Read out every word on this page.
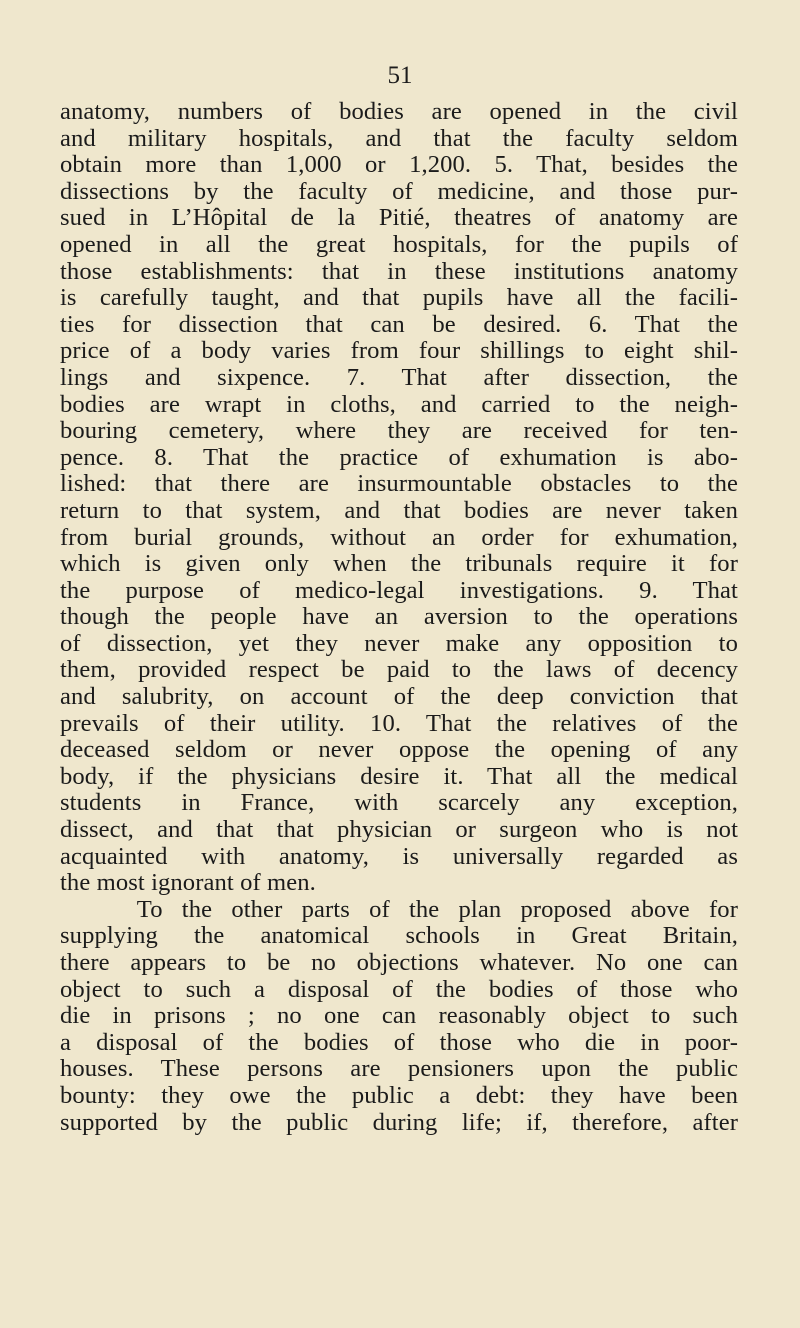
51
anatomy, numbers of bodies are opened in the civil
and military hospitals, and that the faculty seldom
obtain more than 1,000 or 1,200. 5. That, besides the
dissections by the faculty of medicine, and those pur-
sued in L’Hôpital de la Pitié, theatres of anatomy are
opened in all the great hospitals, for the pupils of
those establishments: that in these institutions anatomy
is carefully taught, and that pupils have all the facili-
ties for dissection that can be desired. 6. That the
price of a body varies from four shillings to eight shil-
lings and sixpence. 7. That after dissection, the
bodies are wrapt in cloths, and carried to the neigh-
bouring cemetery, where they are received for ten-
pence. 8. That the practice of exhumation is abo-
lished: that there are insurmountable obstacles to the
return to that system, and that bodies are never taken
from burial grounds, without an order for exhumation,
which is given only when the tribunals require it for
the purpose of medico-legal investigations. 9. That
though the people have an aversion to the operations
of dissection, yet they never make any opposition to
them, provided respect be paid to the laws of decency
and salubrity, on account of the deep conviction that
prevails of their utility. 10. That the relatives of the
deceased seldom or never oppose the opening of any
body, if the physicians desire it. That all the medical
students in France, with scarcely any exception,
dissect, and that that physician or surgeon who is not
acquainted with anatomy, is universally regarded as
the most ignorant of men.
To the other parts of the plan proposed above for
supplying the anatomical schools in Great Britain,
there appears to be no objections whatever. No one can
object to such a disposal of the bodies of those who
die in prisons ; no one can reasonably object to such
a disposal of the bodies of those who die in poor-
houses. These persons are pensioners upon the public
bounty: they owe the public a debt: they have been
supported by the public during life; if, therefore, after
